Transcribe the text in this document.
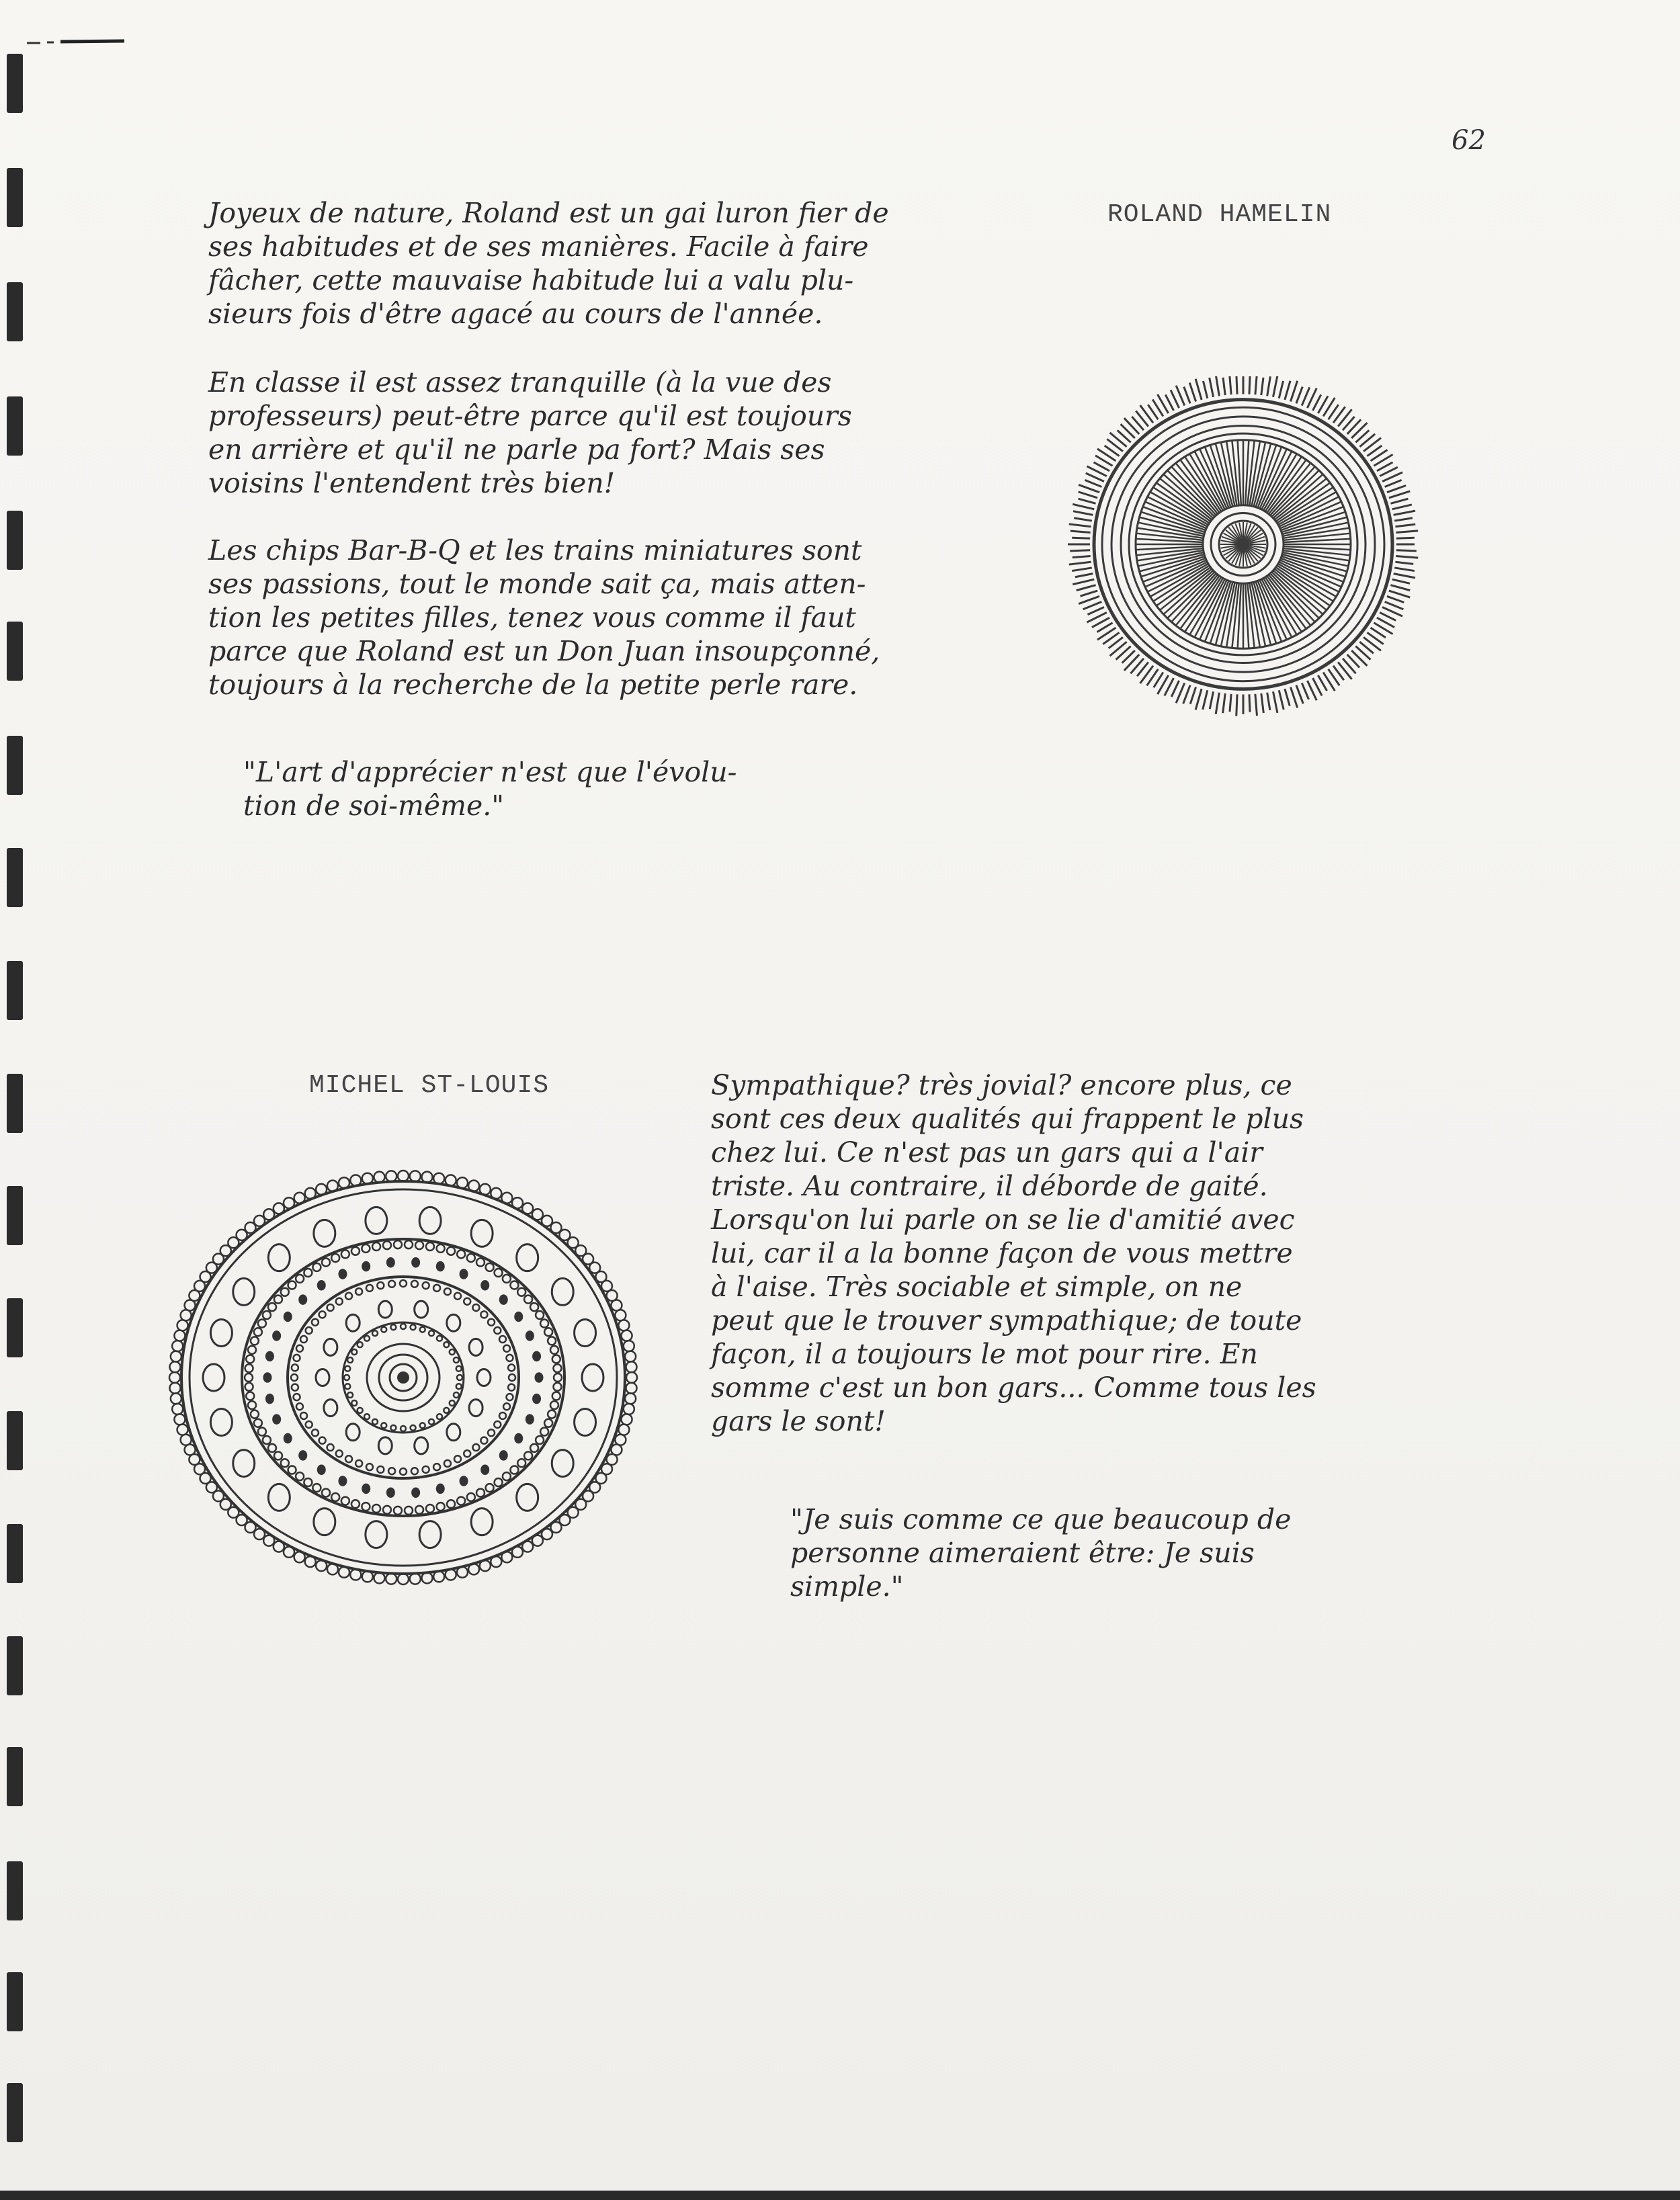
62
ROLAND HAMELIN

Joyeux de nature, Roland est un gai luron fier de
ses habitudes et de ses manières. Facile à faire
fâcher, cette mauvaise habitude lui a valu plu-
sieurs fois d'être agacé au cours de l'année.

En classe il est assez tranquille (à la vue des
professeurs) peut-être parce qu'il est toujours
en arrière et qu'il ne parle pa fort? Mais ses
voisins l'entendent très bien!

Les chips Bar-B-Q et les trains miniatures sont
ses passions, tout le monde sait ça, mais atten-
tion les petites filles, tenez vous comme il faut
parce que Roland est un Don Juan insoupçonné,
toujours à la recherche de la petite perle rare.

"L'art d'apprécier n'est que l'évolu-
tion de soi-même."

MICHEL ST-LOUIS	Sympathique? très jovial? encore plus, ce
sont ces deux qualités qui frappent le plus
chez lui. Ce n'est pas un gars qui a l'air
triste. Au contraire, il déborde de gaité.
Lorsqu'on lui parle on se lie d'amitié avec
lui, car il a la bonne façon de vous mettre
à l'aise. Très sociable et simple, on ne
peut que le trouver sympathique; de toute
façon, il a toujours le mot pour rire. En
somme c'est un bon gars... Comme tous les
gars le sont!

"Je suis comme ce que beaucoup de
personne aimeraient être: Je suis
simple."
